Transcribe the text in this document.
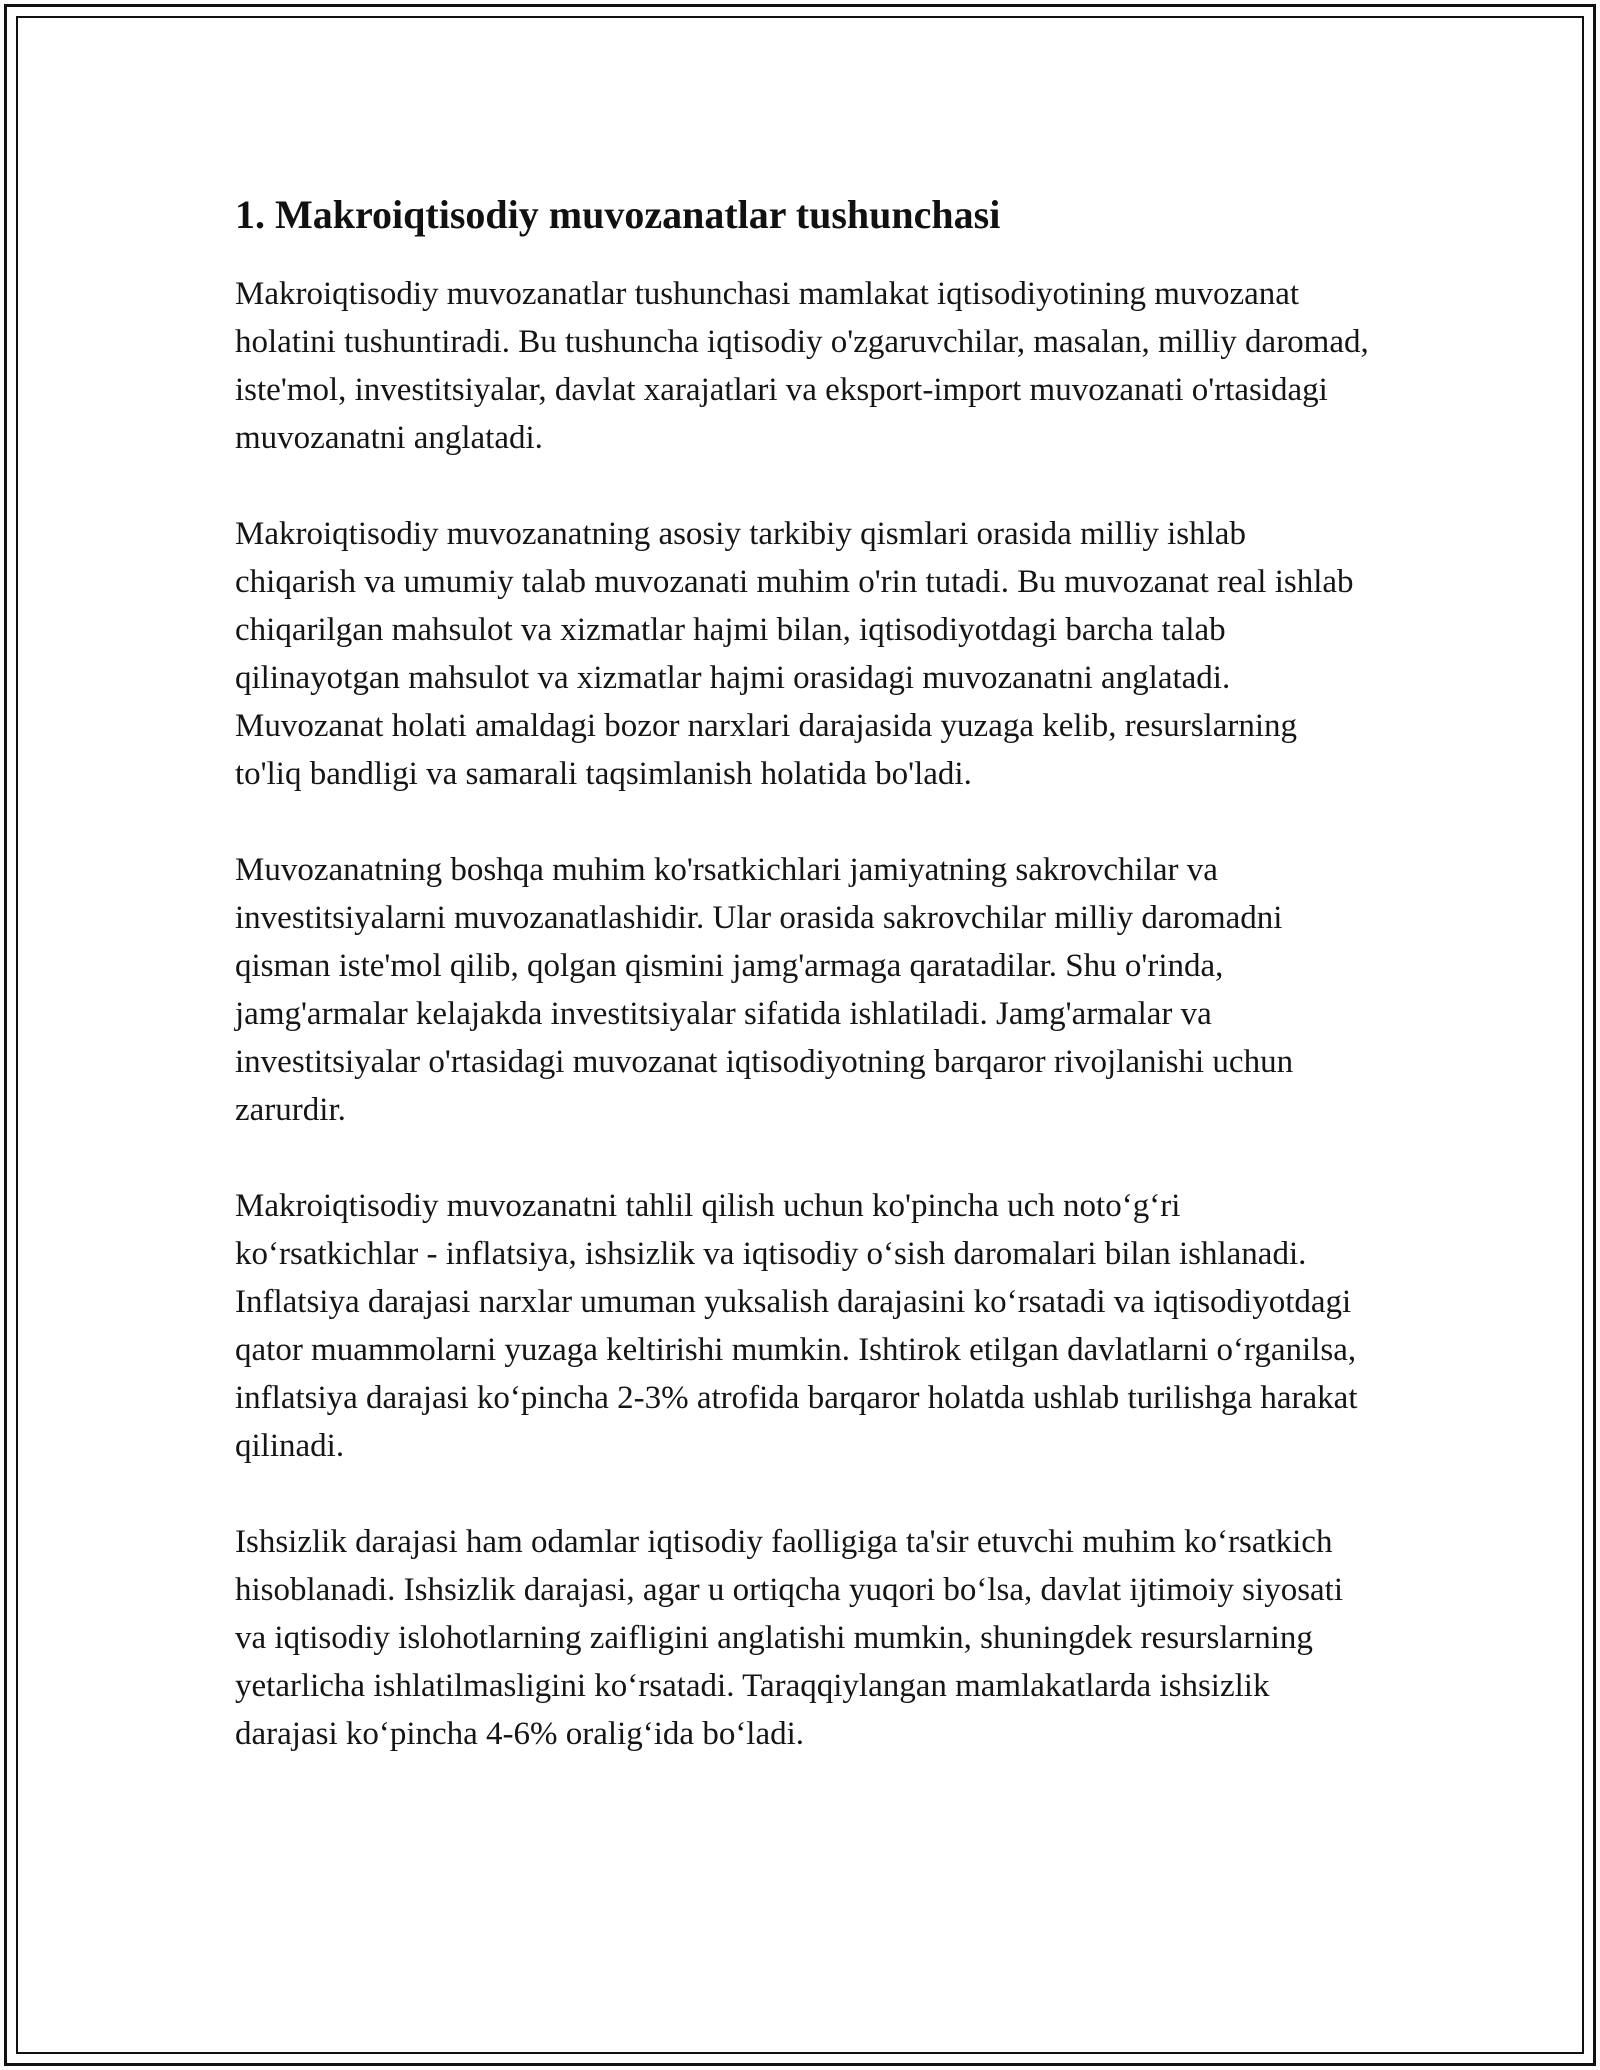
1. Makroiqtisodiy muvozanatlar tushunchasi

Makroiqtisodiy muvozanatlar tushunchasi mamlakat iqtisodiyotining muvozanat holatini tushuntiradi. Bu tushuncha iqtisodiy o'zgaruvchilar, masalan, milliy daromad, iste'mol, investitsiyalar, davlat xarajatlari va eksport-import muvozanati o'rtasidagi muvozanatni anglatadi.

Makroiqtisodiy muvozanatning asosiy tarkibiy qismlari orasida milliy ishlab chiqarish va umumiy talab muvozanati muhim o'rin tutadi. Bu muvozanat real ishlab chiqarilgan mahsulot va xizmatlar hajmi bilan, iqtisodiyotdagi barcha talab qilinayotgan mahsulot va xizmatlar hajmi orasidagi muvozanatni anglatadi. Muvozanat holati amaldagi bozor narxlari darajasida yuzaga kelib, resurslarning to'liq bandligi va samarali taqsimlanish holatida bo'ladi.

Muvozanatning boshqa muhim ko'rsatkichlari jamiyatning sakrovchilar va investitsiyalarni muvozanatlashidir. Ular orasida sakrovchilar milliy daromadni qisman iste'mol qilib, qolgan qismini jamg'armaga qaratadilar. Shu o'rinda, jamg'armalar kelajakda investitsiyalar sifatida ishlatiladi. Jamg'armalar va investitsiyalar o'rtasidagi muvozanat iqtisodiyotning barqaror rivojlanishi uchun zarurdir.

Makroiqtisodiy muvozanatni tahlil qilish uchun ko'pincha uch noto‘g‘ri ko‘rsatkichlar - inflatsiya, ishsizlik va iqtisodiy o‘sish daromalari bilan ishlanadi. Inflatsiya darajasi narxlar umuman yuksalish darajasini ko‘rsatadi va iqtisodiyotdagi qator muammolarni yuzaga keltirishi mumkin. Ishtirok etilgan davlatlarni o‘rganilsa, inflatsiya darajasi ko‘pincha 2-3% atrofida barqaror holatda ushlab turilishga harakat qilinadi.

Ishsizlik darajasi ham odamlar iqtisodiy faolligiga ta'sir etuvchi muhim ko‘rsatkich hisoblanadi. Ishsizlik darajasi, agar u ortiqcha yuqori bo‘lsa, davlat ijtimoiy siyosati va iqtisodiy islohotlarning zaifligini anglatishi mumkin, shuningdek resurslarning yetarlicha ishlatilmasligini ko‘rsatadi. Taraqqiylangan mamlakatlarda ishsizlik darajasi ko‘pincha 4-6% oralig‘ida bo‘ladi.
